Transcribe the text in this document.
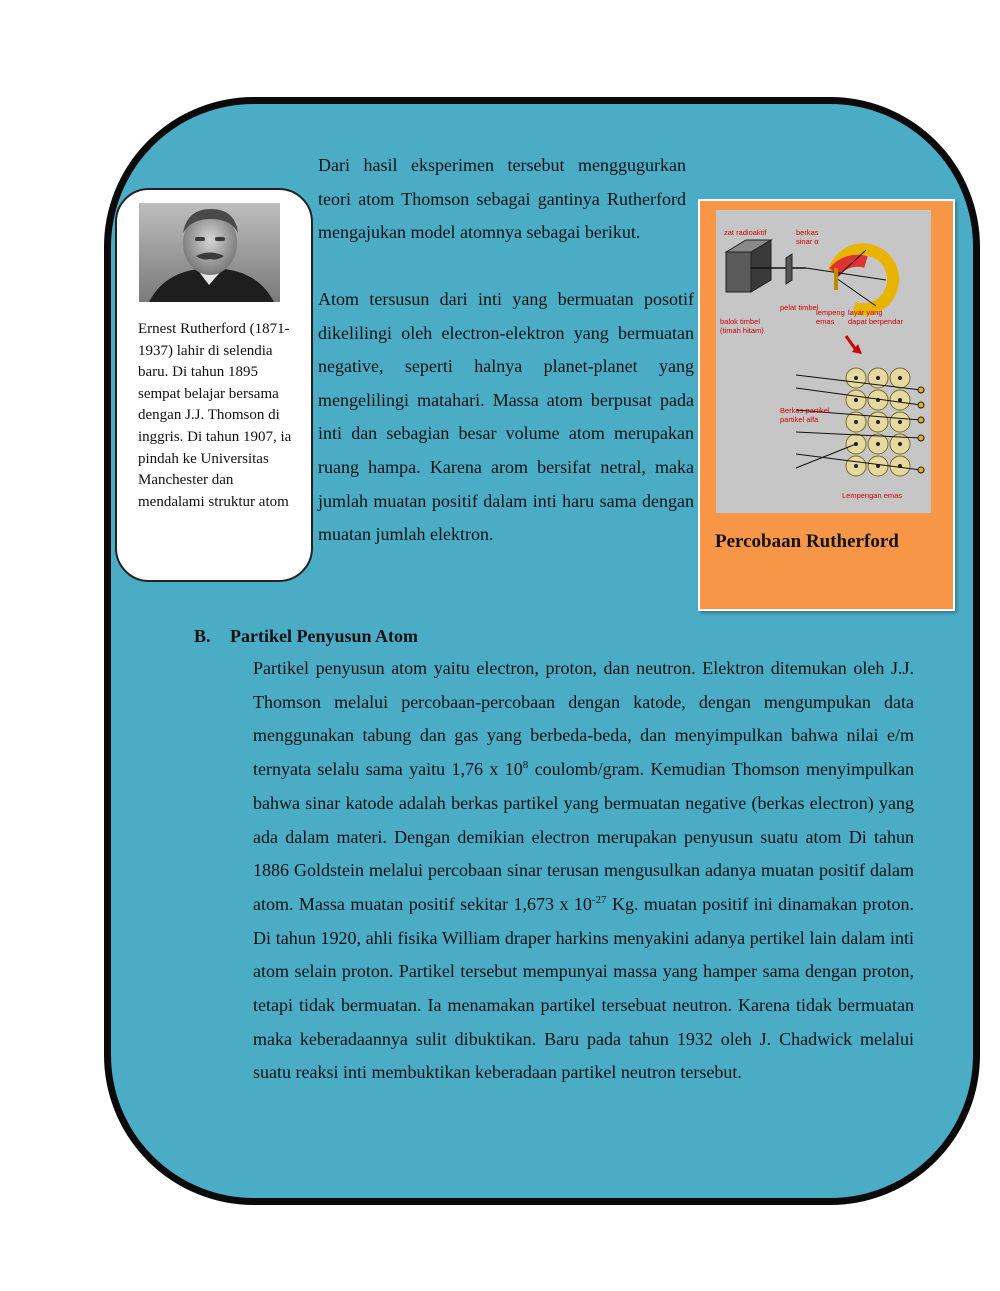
Ernest Rutherford (1871-1937) lahir di selendia baru. Di tahun 1895 sempat belajar bersama dengan J.J. Thomson di inggris. Di tahun 1907, ia pindah ke Universitas Manchester dan mendalami struktur atom
Dari hasil eksperimen tersebut menggugurkan teori atom Thomson sebagai gantinya Rutherford mengajukan model atomnya sebagai berikut.
Atom tersusun dari inti yang bermuatan posotif dikelilingi oleh electron-elektron yang bermuatan negative, seperti halnya planet-planet yang mengelilingi matahari. Massa atom berpusat pada inti dan sebagian besar volume atom merupakan ruang hampa. Karena arom bersifat netral, maka jumlah muatan positif dalam inti haru sama dengan muatan jumlah elektron.
zat radioaktif	berkas
sinar α
pelat timbel
lempeng
emas
layar yang
dapat berpendar
balok timbel
(timah hitam)
Berkas partikel
partikel alfa
Lempengan emas
Percobaan Rutherford
B. Partikel Penyusun Atom
Partikel penyusun atom yaitu electron, proton, dan neutron. Elektron ditemukan oleh J.J. Thomson melalui percobaan-percobaan dengan katode, dengan mengumpukan data menggunakan tabung dan gas yang berbeda-beda, dan menyimpulkan bahwa nilai e/m ternyata selalu sama yaitu 1,76 x $10^8$ coulomb/gram. Kemudian Thomson menyimpulkan bahwa sinar katode adalah berkas partikel yang bermuatan negative (berkas electron) yang ada dalam materi. Dengan demikian electron merupakan penyusun suatu atom Di tahun 1886 Goldstein melalui percobaan sinar terusan mengusulkan adanya muatan positif dalam atom. Massa muatan positif sekitar 1,673 x $10^{-27}$ Kg. muatan positif ini dinamakan proton. Di tahun 1920, ahli fisika William draper harkins menyakini adanya pertikel lain dalam inti atom selain proton. Partikel tersebut mempunyai massa yang hamper sama dengan proton, tetapi tidak bermuatan. Ia menamakan partikel tersebuat neutron. Karena tidak bermuatan maka keberadaannya sulit dibuktikan. Baru pada tahun 1932 oleh J. Chadwick melalui suatu reaksi inti membuktikan keberadaan partikel neutron tersebut.
